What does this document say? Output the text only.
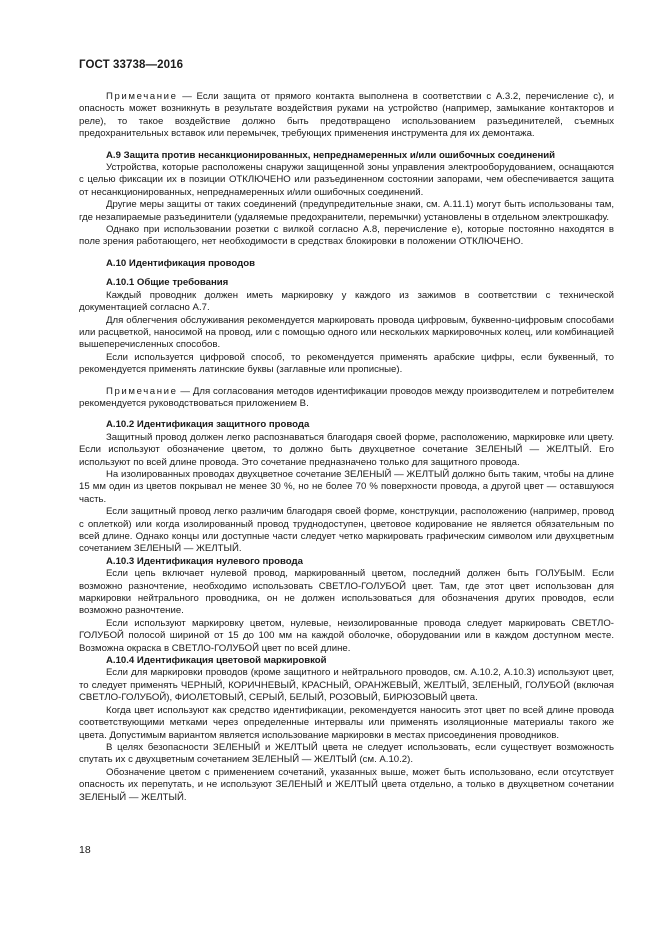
ГОСТ 33738—2016

Примечание — Если защита от прямого контакта выполнена в соответствии с А.3.2, перечисление с), и опасность может возникнуть в результате воздействия руками на устройство (например, замыкание контакторов и реле), то такое воздействие должно быть предотвращено использованием разъединителей, съемных предохранительных вставок или перемычек, требующих применения инструмента для их демонтажа.

А.9 Защита против несанкционированных, непреднамеренных и/или ошибочных соединений

Устройства, которые расположены снаружи защищенной зоны управления электрооборудованием, оснащаются с целью фиксации их в позиции ОТКЛЮЧЕНО или разъединенном состоянии запорами, чем обеспечивается защита от несанкционированных, непреднамеренных и/или ошибочных соединений.

Другие меры защиты от таких соединений (предупредительные знаки, см. А.11.1) могут быть использованы там, где незапираемые разъединители (удаляемые предохранители, перемычки) установлены в отдельном электрошкафу.

Однако при использовании розетки с вилкой согласно А.8, перечисление е), которые постоянно находятся в поле зрения работающего, нет необходимости в средствах блокировки в положении ОТКЛЮЧЕНО.

А.10 Идентификация проводов

А.10.1 Общие требования

Каждый проводник должен иметь маркировку у каждого из зажимов в соответствии с технической документацией согласно А.7.

Для облегчения обслуживания рекомендуется маркировать провода цифровым, буквенно-цифровым способами или расцветкой, наносимой на провод, или с помощью одного или нескольких маркировочных колец, или комбинацией вышеперечисленных способов.

Если используется цифровой способ, то рекомендуется применять арабские цифры, если буквенный, то рекомендуется применять латинские буквы (заглавные или прописные).

Примечание — Для согласования методов идентификации проводов между производителем и потребителем рекомендуется руководствоваться приложением В.

А.10.2 Идентификация защитного провода

Защитный провод должен легко распознаваться благодаря своей форме, расположению, маркировке или цвету. Если используют обозначение цветом, то должно быть двухцветное сочетание ЗЕЛЕНЫЙ — ЖЕЛТЫЙ. Его используют по всей длине провода. Это сочетание предназначено только для защитного провода.

На изолированных проводах двухцветное сочетание ЗЕЛЕНЫЙ — ЖЕЛТЫЙ должно быть таким, чтобы на длине 15 мм один из цветов покрывал не менее 30 %, но не более 70 % поверхности провода, а другой цвет — оставшуюся часть.

Если защитный провод легко различим благодаря своей форме, конструкции, расположению (например, провод с оплеткой) или когда изолированный провод труднодоступен, цветовое кодирование не является обязательным по всей длине. Однако концы или доступные части следует четко маркировать графическим символом или двухцветным сочетанием ЗЕЛЕНЫЙ — ЖЕЛТЫЙ.

А.10.3 Идентификация нулевого провода

Если цепь включает нулевой провод, маркированный цветом, последний должен быть ГОЛУБЫМ. Если возможно разночтение, необходимо использовать СВЕТЛО-ГОЛУБОЙ цвет. Там, где этот цвет использован для маркировки нейтрального проводника, он не должен использоваться для обозначения других проводов, если возможно разночтение.

Если используют маркировку цветом, нулевые, неизолированные провода следует маркировать СВЕТЛО-ГОЛУБОЙ полосой шириной от 15 до 100 мм на каждой оболочке, оборудовании или в каждом доступном месте. Возможна окраска в СВЕТЛО-ГОЛУБОЙ цвет по всей длине.

А.10.4 Идентификация цветовой маркировкой

Если для маркировки проводов (кроме защитного и нейтрального проводов, см. А.10.2, А.10.3) используют цвет, то следует применять ЧЕРНЫЙ, КОРИЧНЕВЫЙ, КРАСНЫЙ, ОРАНЖЕВЫЙ, ЖЕЛТЫЙ, ЗЕЛЕНЫЙ, ГОЛУБОЙ (включая СВЕТЛО-ГОЛУБОЙ), ФИОЛЕТОВЫЙ, СЕРЫЙ, БЕЛЫЙ, РОЗОВЫЙ, БИРЮЗОВЫЙ цвета.

Когда цвет используют как средство идентификации, рекомендуется наносить этот цвет по всей длине провода соответствующими метками через определенные интервалы или применять изоляционные материалы такого же цвета. Допустимым вариантом является использование маркировки в местах присоединения проводников.

В целях безопасности ЗЕЛЕНЫЙ и ЖЕЛТЫЙ цвета не следует использовать, если существует возможность спутать их с двухцветным сочетанием ЗЕЛЕНЫЙ — ЖЕЛТЫЙ (см. А.10.2).

Обозначение цветом с применением сочетаний, указанных выше, может быть использовано, если отсутствует опасность их перепутать, и не используют ЗЕЛЕНЫЙ и ЖЕЛТЫЙ цвета отдельно, а только в двухцветном сочетании ЗЕЛЕНЫЙ — ЖЕЛТЫЙ.

18
